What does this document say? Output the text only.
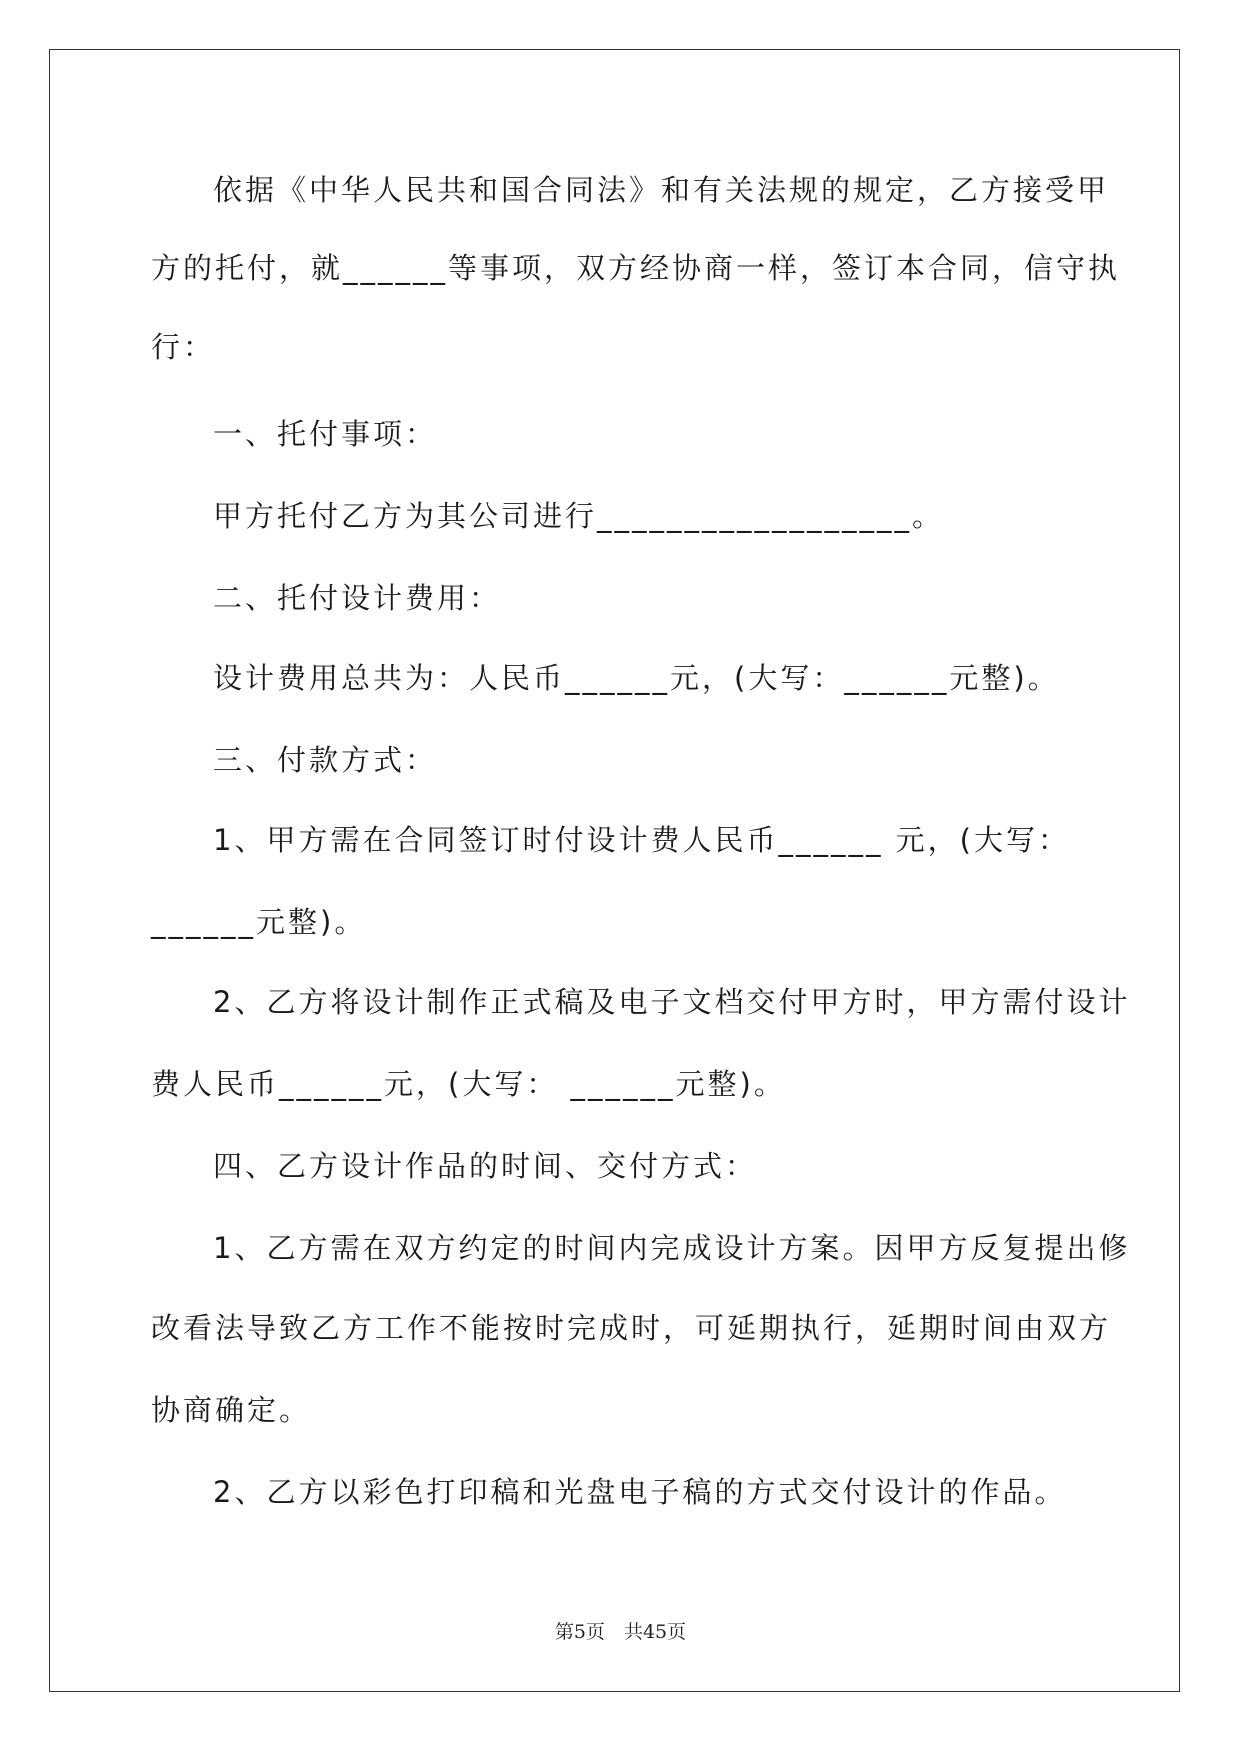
依据《中华人民共和国合同法》和有关法规的规定，乙方接受甲

方的托付，就______等事项，双方经协商一样，签订本合同，信守执

行：

一、托付事项：

甲方托付乙方为其公司进行__________________。

二、托付设计费用：

设计费用总共为：人民币______元，(大写：______元整)。

三、付款方式：

1、甲方需在合同签订时付设计费人民币______ 元，(大写：

______元整)。

2、乙方将设计制作正式稿及电子文档交付甲方时，甲方需付设计

费人民币______元，(大写： ______元整)。

四、乙方设计作品的时间、交付方式：

1、乙方需在双方约定的时间内完成设计方案。因甲方反复提出修

改看法导致乙方工作不能按时完成时，可延期执行，延期时间由双方

协商确定。

2、乙方以彩色打印稿和光盘电子稿的方式交付设计的作品。

第5页　共45页
